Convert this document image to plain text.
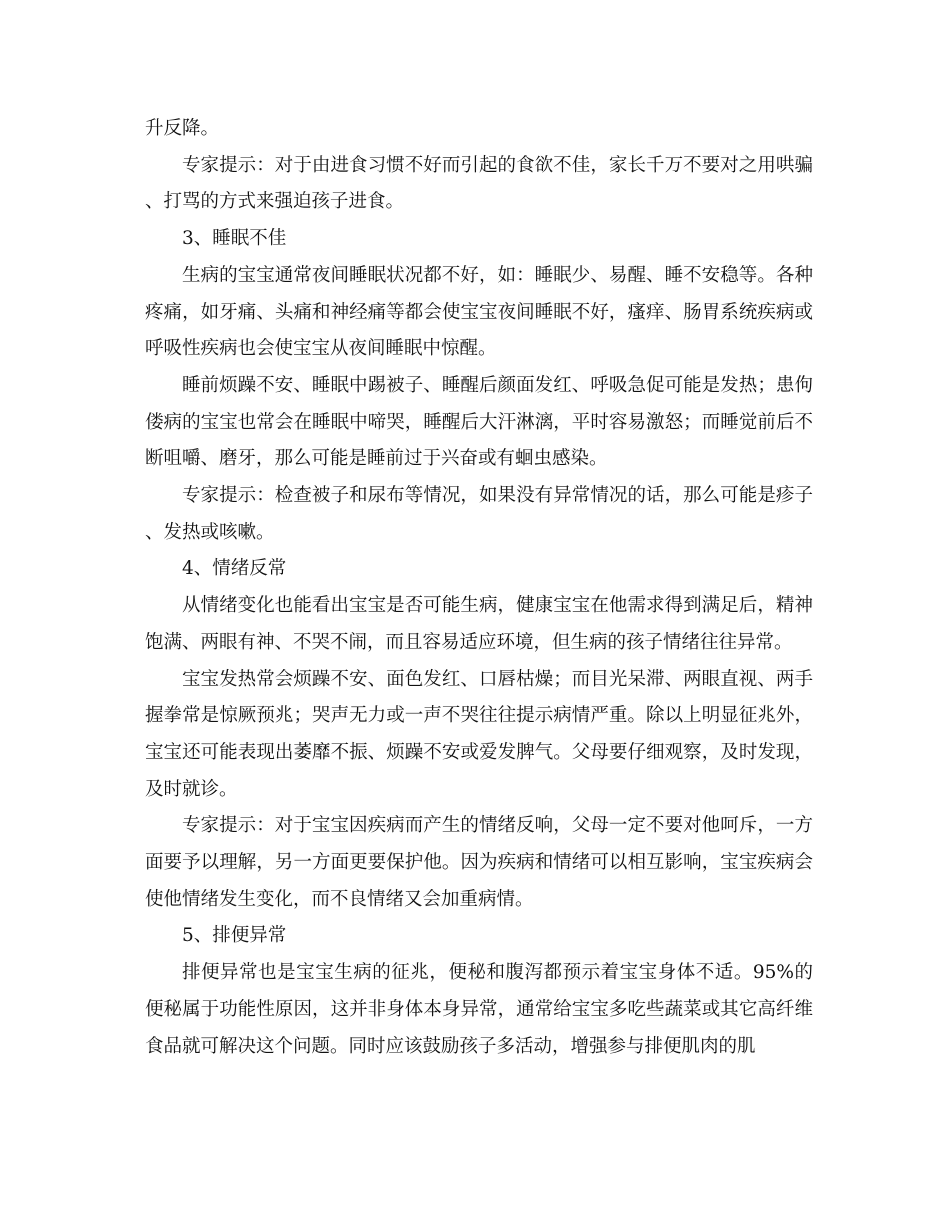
升反降。

专家提示：对于由进食习惯不好而引起的食欲不佳，家长千万不要对之用哄骗、打骂的方式来强迫孩子进食。

3、睡眠不佳

生病的宝宝通常夜间睡眠状况都不好，如：睡眠少、易醒、睡不安稳等。各种疼痛，如牙痛、头痛和神经痛等都会使宝宝夜间睡眠不好，瘙痒、肠胃系统疾病或呼吸性疾病也会使宝宝从夜间睡眠中惊醒。

睡前烦躁不安、睡眠中踢被子、睡醒后颜面发红、呼吸急促可能是发热；患佝偻病的宝宝也常会在睡眠中啼哭，睡醒后大汗淋漓，平时容易激怒；而睡觉前后不断咀嚼、磨牙，那么可能是睡前过于兴奋或有蛔虫感染。

专家提示：检查被子和尿布等情况，如果没有异常情况的话，那么可能是疹子、发热或咳嗽。

4、情绪反常

从情绪变化也能看出宝宝是否可能生病，健康宝宝在他需求得到满足后，精神饱满、两眼有神、不哭不闹，而且容易适应环境，但生病的孩子情绪往往异常。

宝宝发热常会烦躁不安、面色发红、口唇枯燥；而目光呆滞、两眼直视、两手握拳常是惊厥预兆；哭声无力或一声不哭往往提示病情严重。除以上明显征兆外，宝宝还可能表现出萎靡不振、烦躁不安或爱发脾气。父母要仔细观察，及时发现，及时就诊。

专家提示：对于宝宝因疾病而产生的情绪反响，父母一定不要对他呵斥，一方面要予以理解，另一方面更要保护他。因为疾病和情绪可以相互影响，宝宝疾病会使他情绪发生变化，而不良情绪又会加重病情。

5、排便异常

排便异常也是宝宝生病的征兆，便秘和腹泻都预示着宝宝身体不适。95%的便秘属于功能性原因，这并非身体本身异常，通常给宝宝多吃些蔬菜或其它高纤维食品就可解决这个问题。同时应该鼓励孩子多活动，增强参与排便肌肉的肌
